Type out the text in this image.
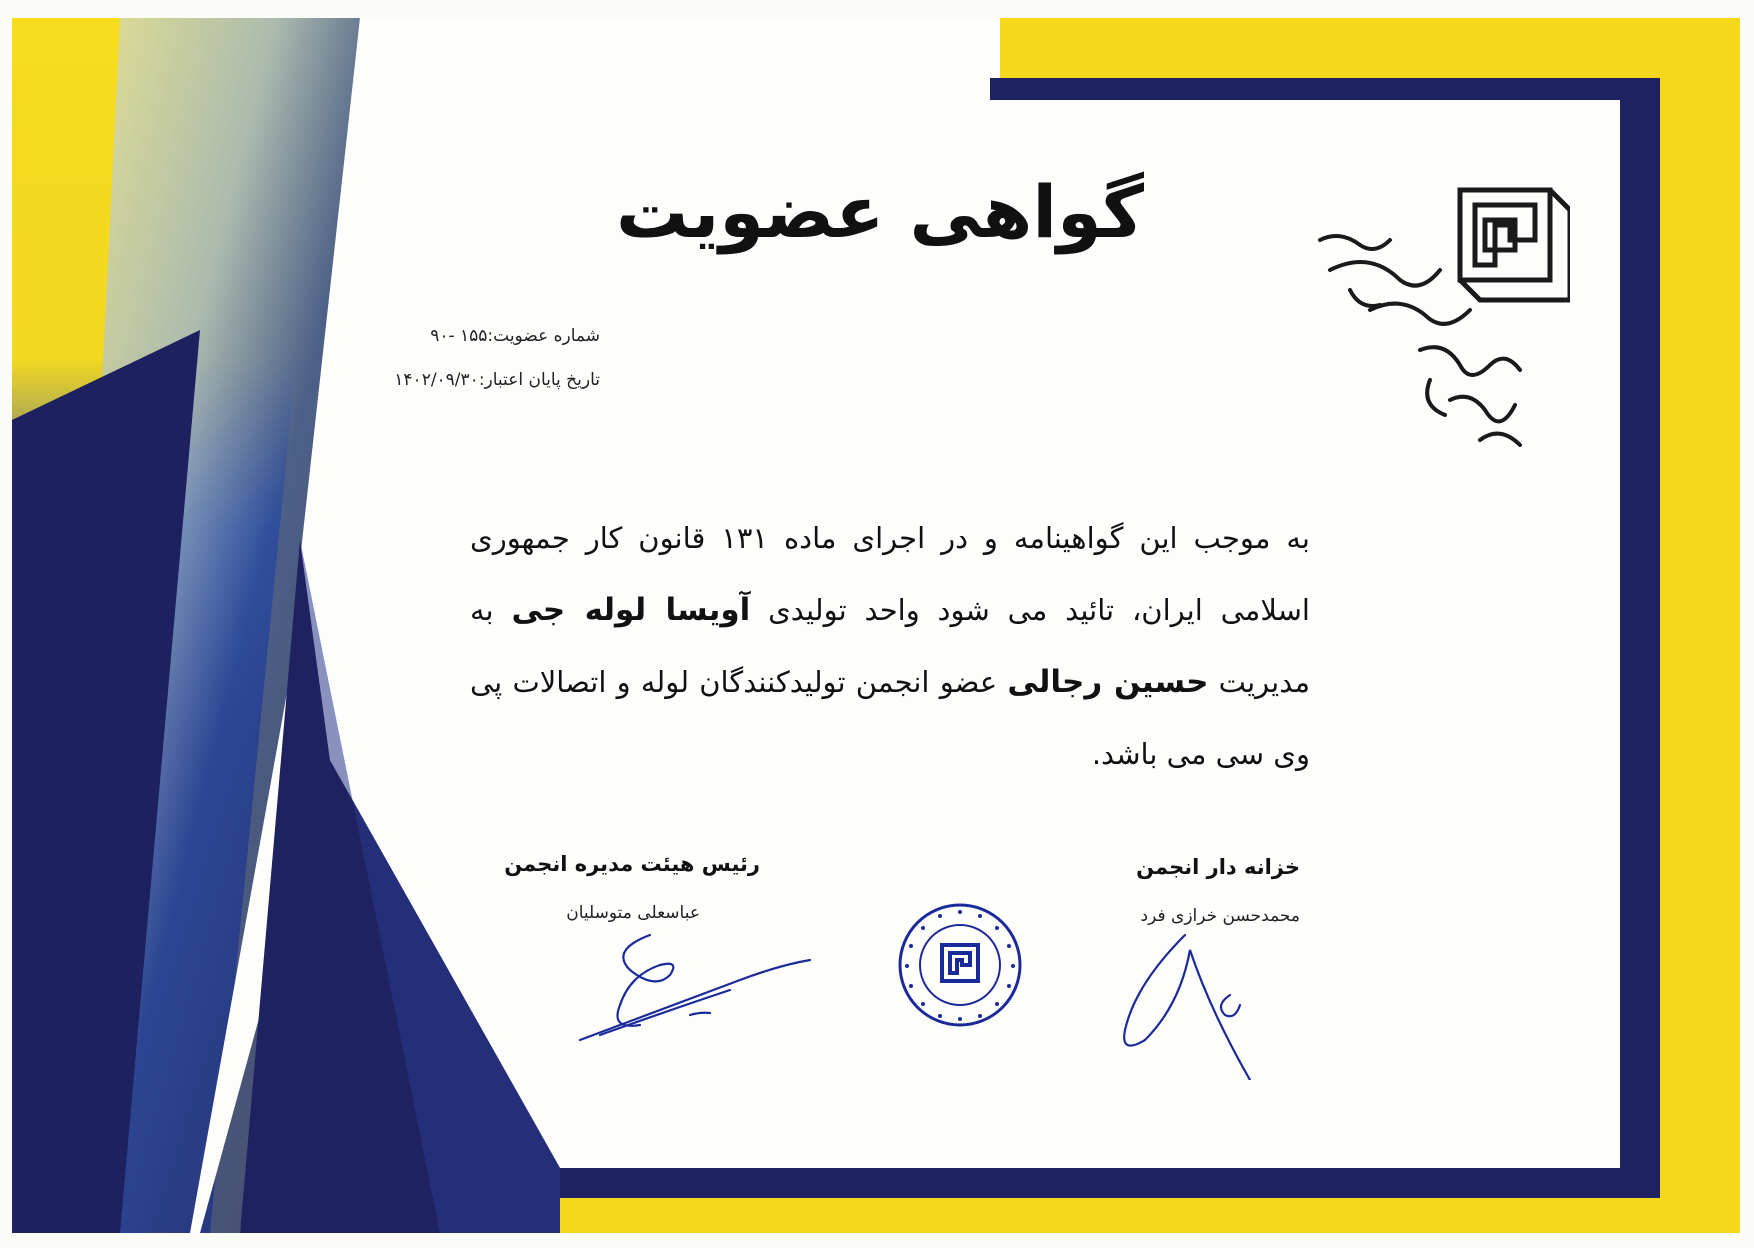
گواهی عضویت
شماره عضویت:۱۵۵ -۹۰
تاریخ پایان اعتبار:۱۴۰۲/۰۹/۳۰
به موجب این گواهینامه و در اجرای ماده ۱۳۱ قانون کار جمهوری اسلامی ایران، تائید می شود واحد تولیدی آویسا لوله جی به مدیریت حسین رجالی عضو انجمن تولیدکنندگان لوله و اتصالات پی وی سی می باشد.
رئیس هیئت مدیره انجمن
عباسعلی متوسلیان
خزانه دار انجمن
محمدحسن خرازی فرد
